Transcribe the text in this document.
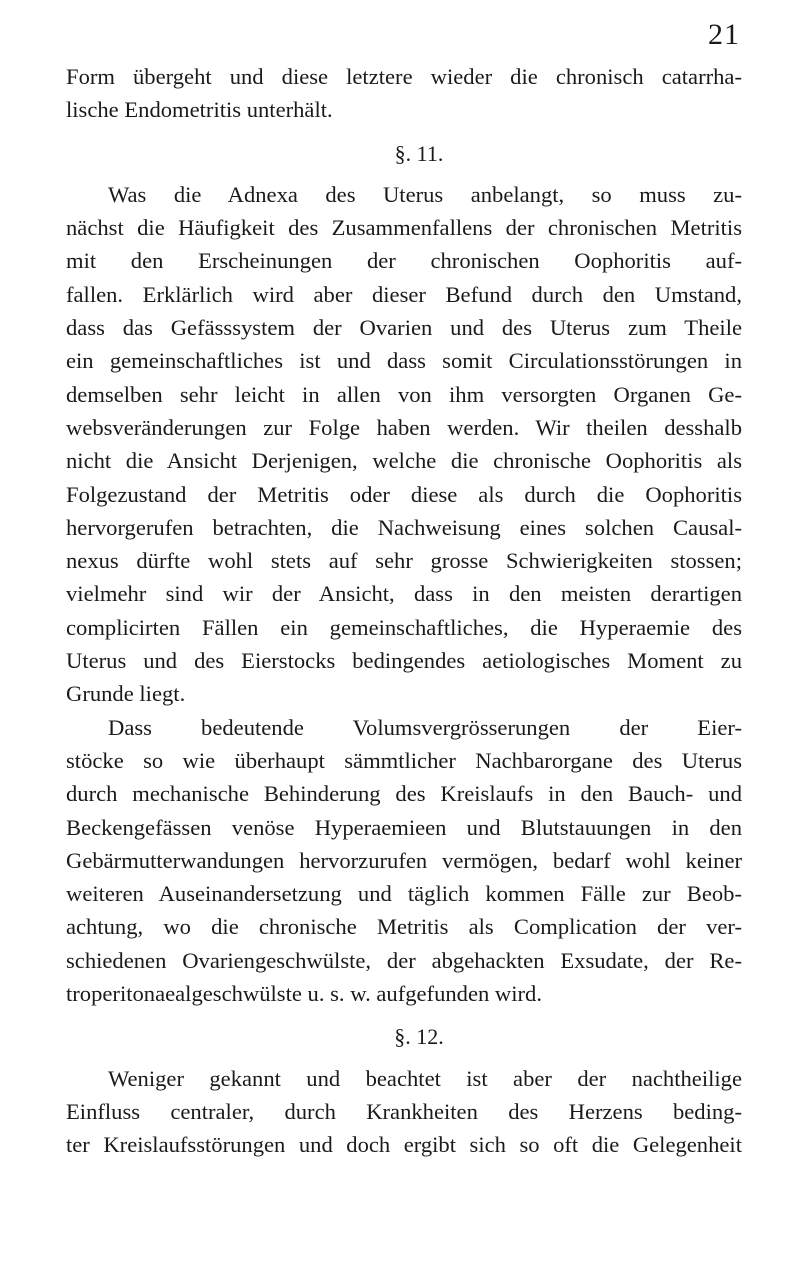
21

Form übergeht und diese letztere wieder die chronisch catarrha-
lische Endometritis unterhält.

§. 11.

Was die Adnexa des Uterus anbelangt, so muss zu-
nächst die Häufigkeit des Zusammenfallens der chronischen Metritis
mit den Erscheinungen der chronischen Oophoritis auf-
fallen. Erklärlich wird aber dieser Befund durch den Umstand,
dass das Gefässsystem der Ovarien und des Uterus zum Theile
ein gemeinschaftliches ist und dass somit Circulationsstörungen in
demselben sehr leicht in allen von ihm versorgten Organen Ge-
websveränderungen zur Folge haben werden. Wir theilen desshalb
nicht die Ansicht Derjenigen, welche die chronische Oophoritis als
Folgezustand der Metritis oder diese als durch die Oophoritis
hervorgerufen betrachten, die Nachweisung eines solchen Causal-
nexus dürfte wohl stets auf sehr grosse Schwierigkeiten stossen;
vielmehr sind wir der Ansicht, dass in den meisten derartigen
complicirten Fällen ein gemeinschaftliches, die Hyperaemie des
Uterus und des Eierstocks bedingendes aetiologisches Moment zu
Grunde liegt.

Dass bedeutende Volumsvergrösserungen der Eier-
stöcke so wie überhaupt sämmtlicher Nachbarorgane des Uterus
durch mechanische Behinderung des Kreislaufs in den Bauch- und
Beckengefässen venöse Hyperaemieen und Blutstauungen in den
Gebärmutterwandungen hervorzurufen vermögen, bedarf wohl keiner
weiteren Auseinandersetzung und täglich kommen Fälle zur Beob-
achtung, wo die chronische Metritis als Complication der ver-
schiedenen Ovariengeschwülste, der abgehackten Exsudate, der Re-
troperitonaealgeschwülste u. s. w. aufgefunden wird.

§. 12.

Weniger gekannt und beachtet ist aber der nachtheilige
Einfluss centraler, durch Krankheiten des Herzens beding-
ter Kreislaufsstörungen und doch ergibt sich so oft die Gelegenheit
